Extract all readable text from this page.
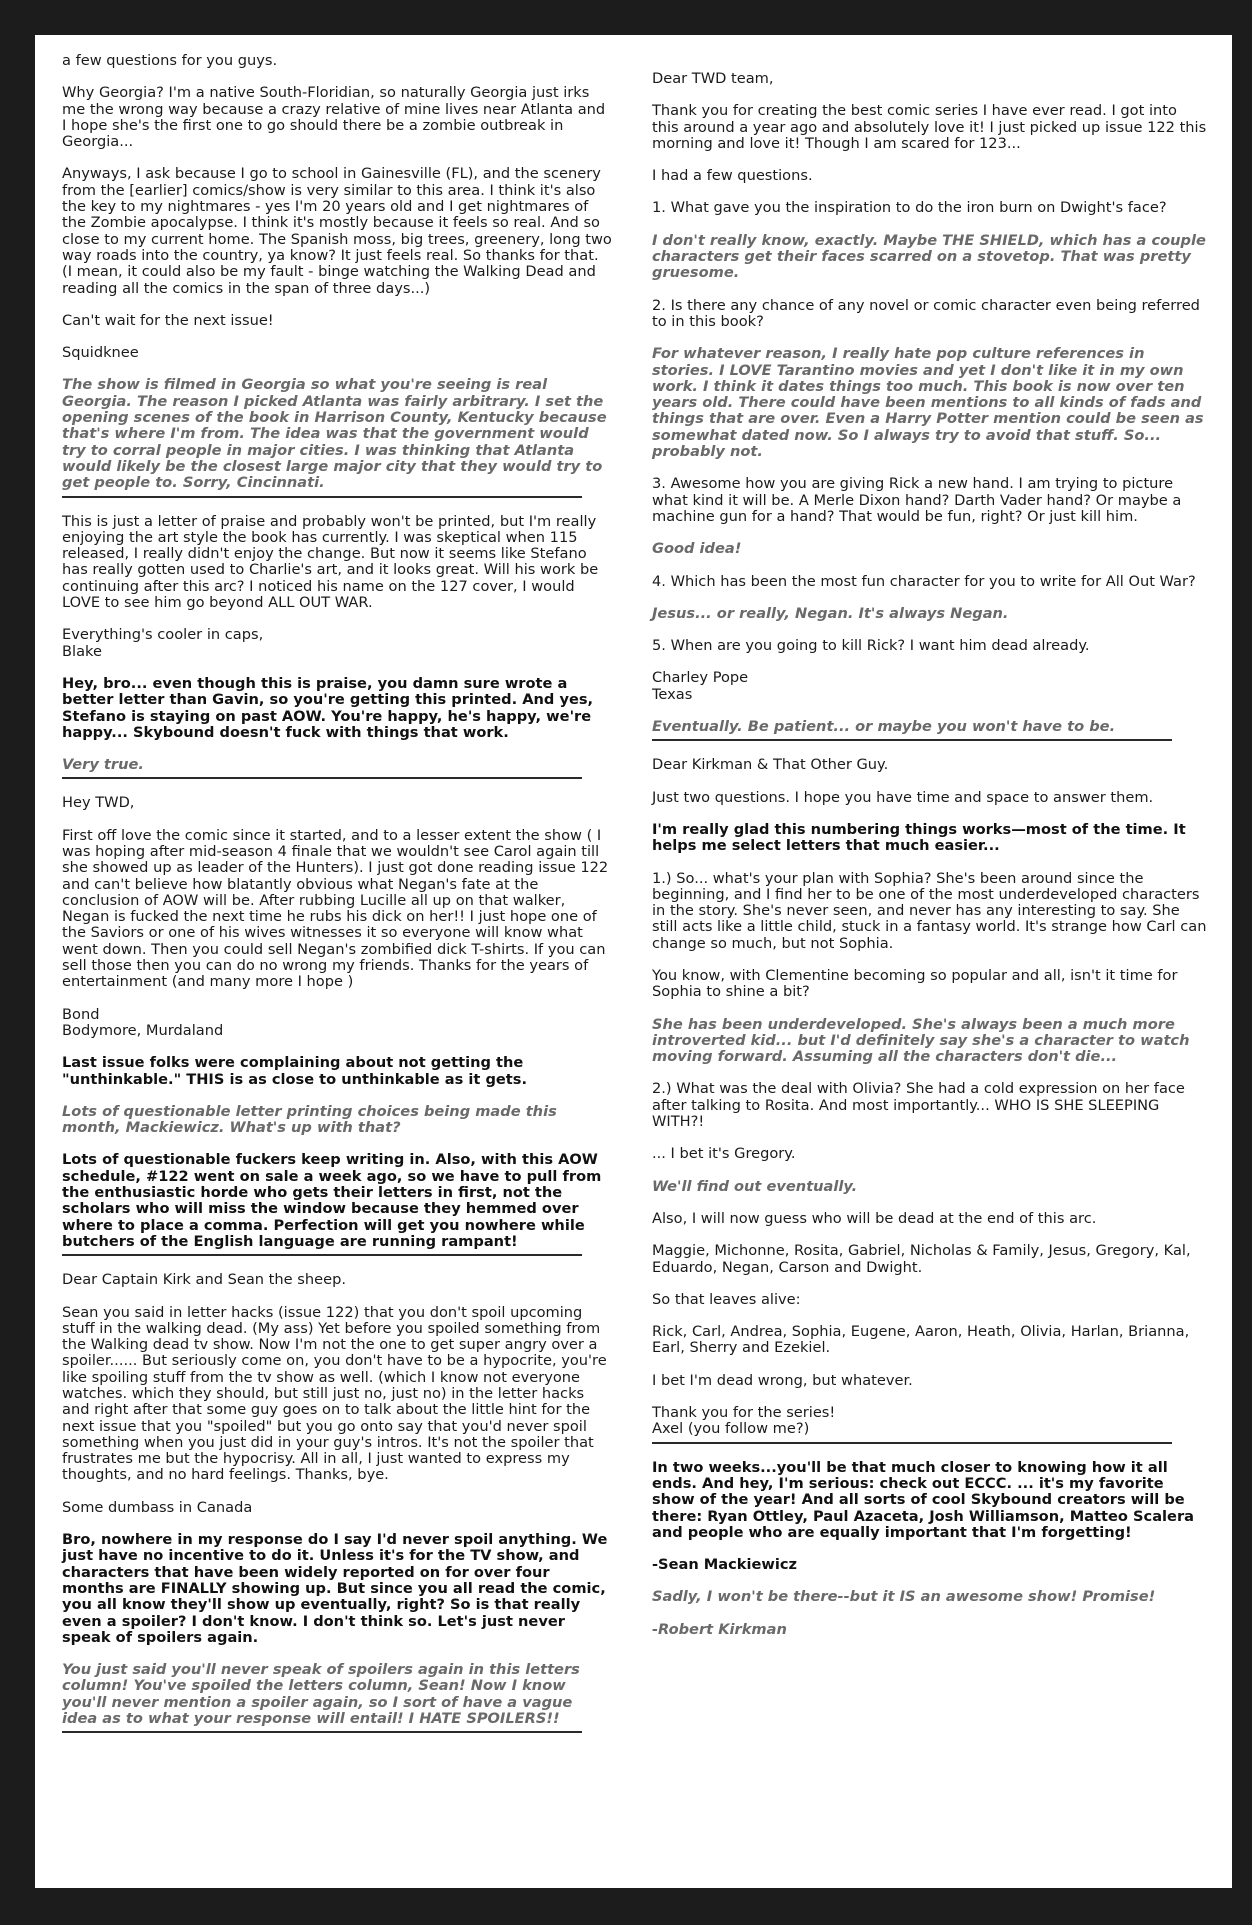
a few questions for you guys.

Why Georgia? I'm a native South-Floridian, so naturally Georgia just irks me the wrong way because a crazy relative of mine lives near Atlanta and I hope she's the first one to go should there be a zombie outbreak in Georgia...

Anyways, I ask because I go to school in Gainesville (FL), and the scenery from the [earlier] comics/show is very similar to this area. I think it's also the key to my nightmares - yes I'm 20 years old and I get nightmares of the Zombie apocalypse. I think it's mostly because it feels so real. And so close to my current home. The Spanish moss, big trees, greenery, long two way roads into the country, ya know? It just feels real. So thanks for that. (I mean, it could also be my fault - binge watching the Walking Dead and reading all the comics in the span of three days...)

Can't wait for the next issue!

Squidknee

The show is filmed in Georgia so what you're seeing is real Georgia. The reason I picked Atlanta was fairly arbitrary. I set the opening scenes of the book in Harrison County, Kentucky because that's where I'm from. The idea was that the government would try to corral people in major cities. I was thinking that Atlanta would likely be the closest large major city that they would try to get people to. Sorry, Cincinnati.

This is just a letter of praise and probably won't be printed, but I'm really enjoying the art style the book has currently. I was skeptical when 115 released, I really didn't enjoy the change. But now it seems like Stefano has really gotten used to Charlie's art, and it looks great. Will his work be continuing after this arc? I noticed his name on the 127 cover, I would LOVE to see him go beyond ALL OUT WAR.

Everything's cooler in caps,
Blake

Hey, bro... even though this is praise, you damn sure wrote a better letter than Gavin, so you're getting this printed. And yes, Stefano is staying on past AOW. You're happy, he's happy, we're happy... Skybound doesn't fuck with things that work.

Very true.

Hey TWD,

First off love the comic since it started, and to a lesser extent the show ( I was hoping after mid-season 4 finale that we wouldn't see Carol again till she showed up as leader of the Hunters). I just got done reading issue 122 and can't believe how blatantly obvious what Negan's fate at the conclusion of AOW will be. After rubbing Lucille all up on that walker, Negan is fucked the next time he rubs his dick on her!! I just hope one of the Saviors or one of his wives witnesses it so everyone will know what went down. Then you could sell Negan's zombified dick T-shirts. If you can sell those then you can do no wrong my friends. Thanks for the years of entertainment (and many more I hope )

Bond
Bodymore, Murdaland

Last issue folks were complaining about not getting the "unthinkable." THIS is as close to unthinkable as it gets.

Lots of questionable letter printing choices being made this month, Mackiewicz. What's up with that?

Lots of questionable fuckers keep writing in. Also, with this AOW schedule, #122 went on sale a week ago, so we have to pull from the enthusiastic horde who gets their letters in first, not the scholars who will miss the window because they hemmed over where to place a comma. Perfection will get you nowhere while butchers of the English language are running rampant!

Dear Captain Kirk and Sean the sheep.

Sean you said in letter hacks (issue 122) that you don't spoil upcoming stuff in the walking dead. (My ass) Yet before you spoiled something from the Walking dead tv show. Now I'm not the one to get super angry over a spoiler...... But seriously come on, you don't have to be a hypocrite, you're like spoiling stuff from the tv show as well. (which I know not everyone watches. which they should, but still just no, just no) in the letter hacks and right after that some guy goes on to talk about the little hint for the next issue that you "spoiled" but you go onto say that you'd never spoil something when you just did in your guy's intros. It's not the spoiler that frustrates me but the hypocrisy. All in all, I just wanted to express my thoughts, and no hard feelings. Thanks, bye.

Some dumbass in Canada

Bro, nowhere in my response do I say I'd never spoil anything. We just have no incentive to do it. Unless it's for the TV show, and characters that have been widely reported on for over four months are FINALLY showing up. But since you all read the comic, you all know they'll show up eventually, right? So is that really even a spoiler? I don't know. I don't think so. Let's just never speak of spoilers again.

You just said you'll never speak of spoilers again in this letters column! You've spoiled the letters column, Sean! Now I know you'll never mention a spoiler again, so I sort of have a vague idea as to what your response will entail! I HATE SPOILERS!!

Dear TWD team,

Thank you for creating the best comic series I have ever read. I got into this around a year ago and absolutely love it! I just picked up issue 122 this morning and love it! Though I am scared for 123...

I had a few questions.

1. What gave you the inspiration to do the iron burn on Dwight's face?

I don't really know, exactly. Maybe THE SHIELD, which has a couple characters get their faces scarred on a stovetop. That was pretty gruesome.

2. Is there any chance of any novel or comic character even being referred to in this book?

For whatever reason, I really hate pop culture references in stories. I LOVE Tarantino movies and yet I don't like it in my own work. I think it dates things too much. This book is now over ten years old. There could have been mentions to all kinds of fads and things that are over. Even a Harry Potter mention could be seen as somewhat dated now. So I always try to avoid that stuff. So... probably not.

3. Awesome how you are giving Rick a new hand. I am trying to picture what kind it will be. A Merle Dixon hand? Darth Vader hand? Or maybe a machine gun for a hand? That would be fun, right? Or just kill him.

Good idea!

4. Which has been the most fun character for you to write for All Out War?

Jesus... or really, Negan. It's always Negan.

5. When are you going to kill Rick? I want him dead already.

Charley Pope
Texas

Eventually. Be patient... or maybe you won't have to be.

Dear Kirkman & That Other Guy.

Just two questions. I hope you have time and space to answer them.

I'm really glad this numbering things works—most of the time. It helps me select letters that much easier...

1.) So... what's your plan with Sophia? She's been around since the beginning, and I find her to be one of the most underdeveloped characters in the story. She's never seen, and never has any interesting to say. She still acts like a little child, stuck in a fantasy world. It's strange how Carl can change so much, but not Sophia.

You know, with Clementine becoming so popular and all, isn't it time for Sophia to shine a bit?

She has been underdeveloped. She's always been a much more introverted kid... but I'd definitely say she's a character to watch moving forward. Assuming all the characters don't die...

2.) What was the deal with Olivia? She had a cold expression on her face after talking to Rosita. And most importantly... WHO IS SHE SLEEPING WITH?!

... I bet it's Gregory.

We'll find out eventually.

Also, I will now guess who will be dead at the end of this arc.

Maggie, Michonne, Rosita, Gabriel, Nicholas & Family, Jesus, Gregory, Kal, Eduardo, Negan, Carson and Dwight.

So that leaves alive:

Rick, Carl, Andrea, Sophia, Eugene, Aaron, Heath, Olivia, Harlan, Brianna, Earl, Sherry and Ezekiel.

I bet I'm dead wrong, but whatever.

Thank you for the series!
Axel (you follow me?)

In two weeks...you'll be that much closer to knowing how it all ends. And hey, I'm serious: check out ECCC. ... it's my favorite show of the year! And all sorts of cool Skybound creators will be there: Ryan Ottley, Paul Azaceta, Josh Williamson, Matteo Scalera and people who are equally important that I'm forgetting!

-Sean Mackiewicz

Sadly, I won't be there--but it IS an awesome show! Promise!

-Robert Kirkman
